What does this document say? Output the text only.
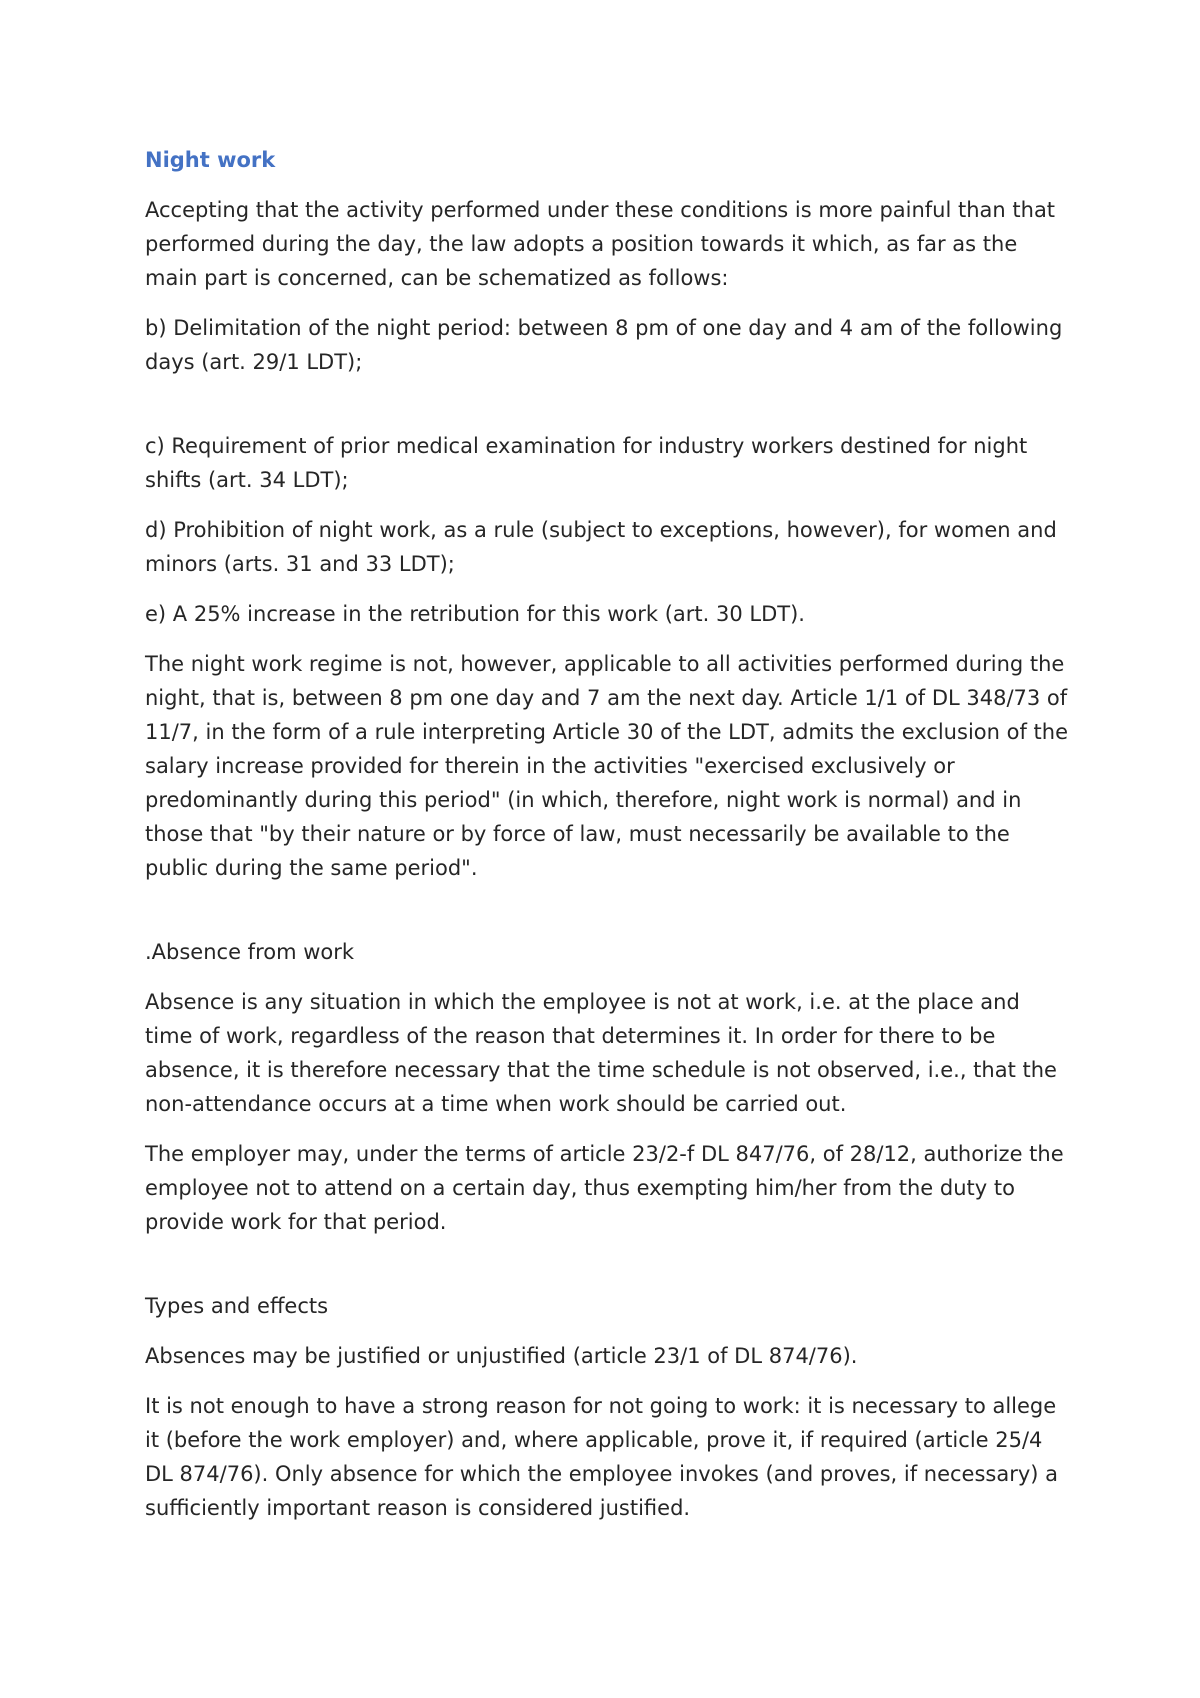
Night work

Accepting that the activity performed under these conditions is more painful than that performed during the day, the law adopts a position towards it which, as far as the main part is concerned, can be schematized as follows:

b) Delimitation of the night period: between 8 pm of one day and 4 am of the following days (art. 29/1 LDT);

c) Requirement of prior medical examination for industry workers destined for night shifts (art. 34 LDT);

d) Prohibition of night work, as a rule (subject to exceptions, however), for women and minors (arts. 31 and 33 LDT);

e) A 25% increase in the retribution for this work (art. 30 LDT).

The night work regime is not, however, applicable to all activities performed during the night, that is, between 8 pm one day and 7 am the next day. Article 1/1 of DL 348/73 of 11/7, in the form of a rule interpreting Article 30 of the LDT, admits the exclusion of the salary increase provided for therein in the activities "exercised exclusively or predominantly during this period" (in which, therefore, night work is normal) and in those that "by their nature or by force of law, must necessarily be available to the public during the same period".

.Absence from work

Absence is any situation in which the employee is not at work, i.e. at the place and time of work, regardless of the reason that determines it. In order for there to be absence, it is therefore necessary that the time schedule is not observed, i.e., that the non-attendance occurs at a time when work should be carried out.

The employer may, under the terms of article 23/2-f DL 847/76, of 28/12, authorize the employee not to attend on a certain day, thus exempting him/her from the duty to provide work for that period.

Types and effects

Absences may be justified or unjustified (article 23/1 of DL 874/76).

It is not enough to have a strong reason for not going to work: it is necessary to allege it (before the work employer) and, where applicable, prove it, if required (article 25/4 DL 874/76). Only absence for which the employee invokes (and proves, if necessary) a sufficiently important reason is considered justified.
